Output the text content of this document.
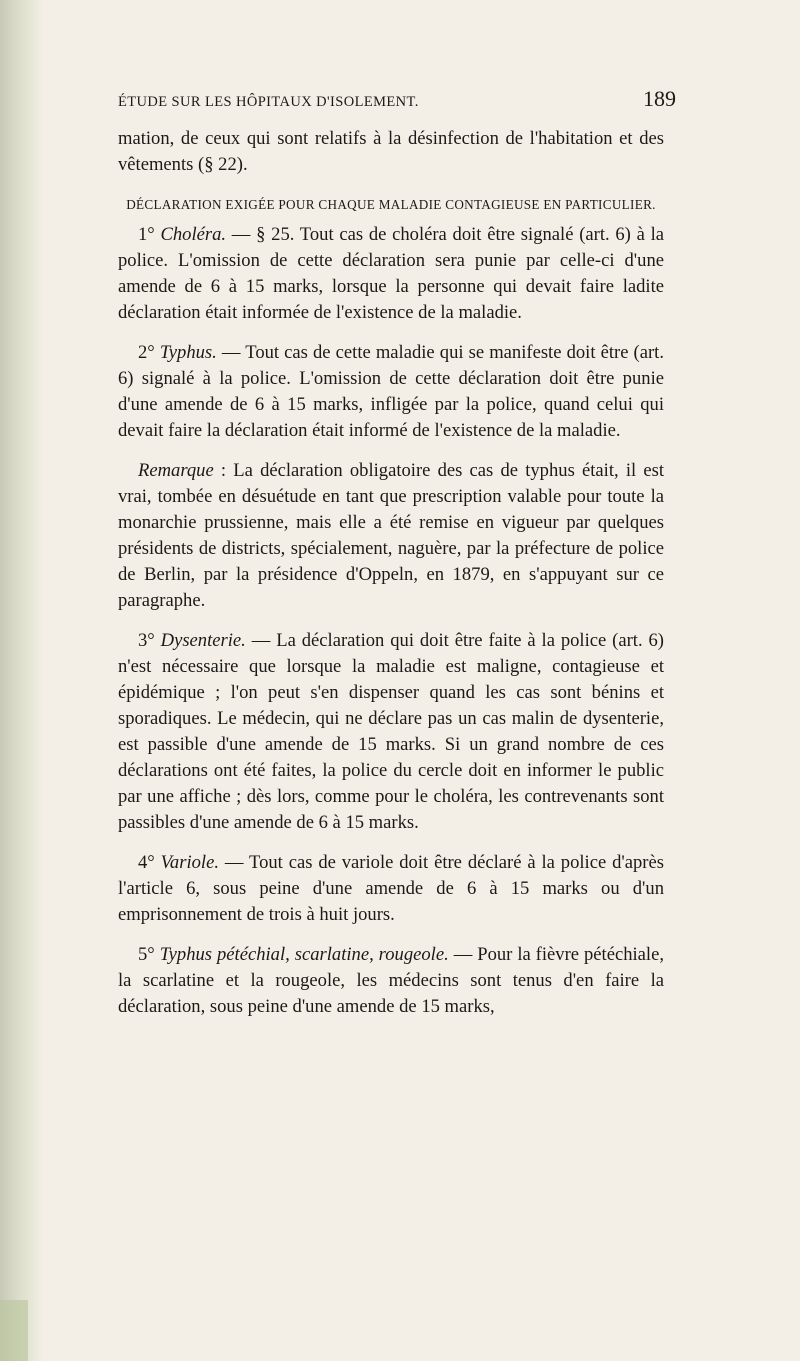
ÉTUDE SUR LES HÔPITAUX D'ISOLEMENT.	189

mation, de ceux qui sont relatifs à la désinfection de l'habitation et des vêtements (§ 22).

DÉCLARATION EXIGÉE POUR CHAQUE MALADIE CONTAGIEUSE EN PARTICULIER.

1° Choléra. — § 25. Tout cas de choléra doit être signalé (art. 6) à la police. L'omission de cette déclaration sera punie par celle-ci d'une amende de 6 à 15 marks, lorsque la personne qui devait faire ladite déclaration était informée de l'existence de la maladie.

2° Typhus. — Tout cas de cette maladie qui se manifeste doit être (art. 6) signalé à la police. L'omission de cette déclaration doit être punie d'une amende de 6 à 15 marks, infligée par la police, quand celui qui devait faire la déclaration était informé de l'existence de la maladie.

Remarque : La déclaration obligatoire des cas de typhus était, il est vrai, tombée en désuétude en tant que prescription valable pour toute la monarchie prussienne, mais elle a été remise en vigueur par quelques présidents de districts, spécialement, naguère, par la préfecture de police de Berlin, par la présidence d'Oppeln, en 1879, en s'appuyant sur ce paragraphe.

3° Dysenterie. — La déclaration qui doit être faite à la police (art. 6) n'est nécessaire que lorsque la maladie est maligne, contagieuse et épidémique ; l'on peut s'en dispenser quand les cas sont bénins et sporadiques. Le médecin, qui ne déclare pas un cas malin de dysenterie, est passible d'une amende de 15 marks. Si un grand nombre de ces déclarations ont été faites, la police du cercle doit en informer le public par une affiche ; dès lors, comme pour le choléra, les contrevenants sont passibles d'une amende de 6 à 15 marks.

4° Variole. — Tout cas de variole doit être déclaré à la police d'après l'article 6, sous peine d'une amende de 6 à 15 marks ou d'un emprisonnement de trois à huit jours.

5° Typhus pétéchial, scarlatine, rougeole. — Pour la fièvre pétéchiale, la scarlatine et la rougeole, les médecins sont tenus d'en faire la déclaration, sous peine d'une amende de 15 marks,
